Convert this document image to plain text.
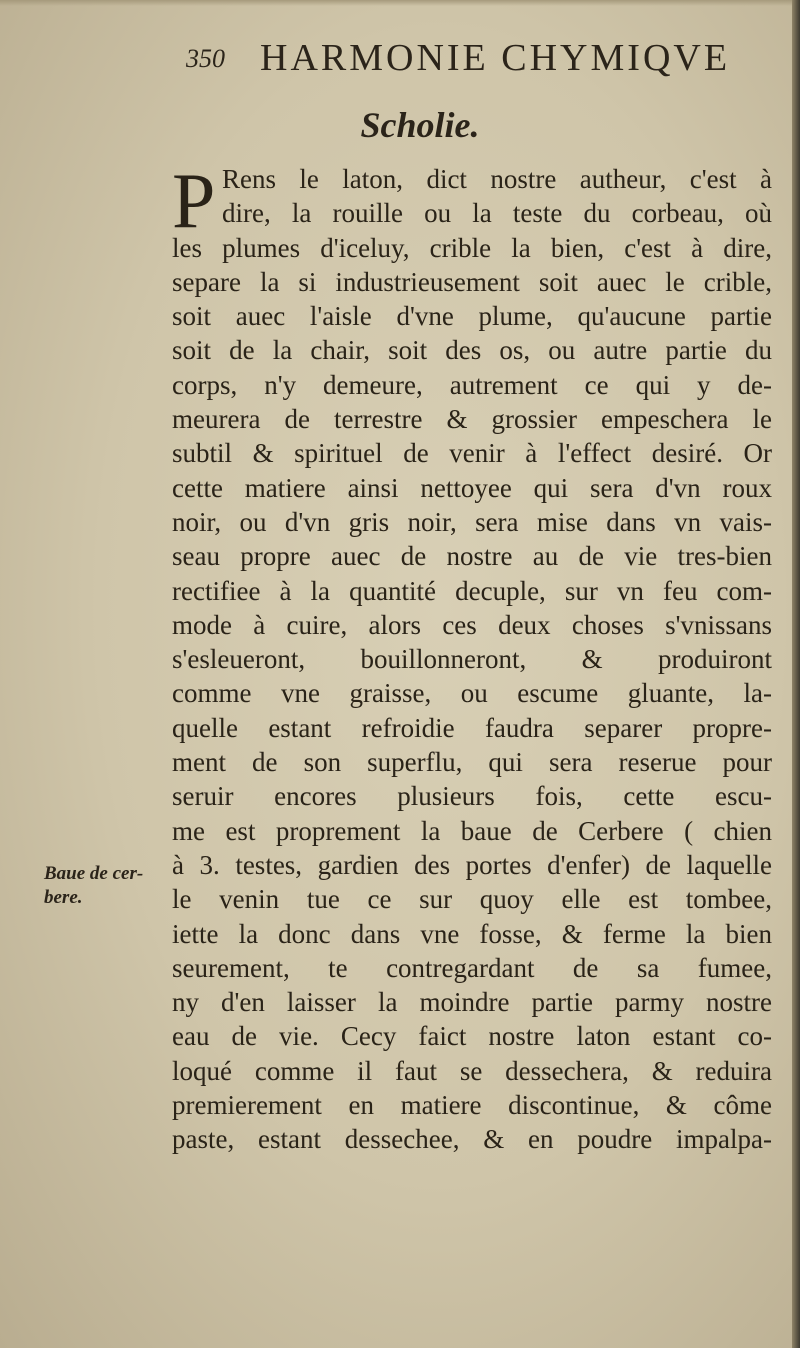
350 HARMONIE CHYMIQVE
Scholie.
Baue de cer-
bere.
P Rens le laton, dict nostre autheur, c'est à
dire, la rouille ou la teste du corbeau, où
les plumes d'iceluy, crible la bien, c'est à dire,
separe la si industrieusement soit auec le crible,
soit auec l'aisle d'vne plume, qu'aucune partie
soit de la chair, soit des os, ou autre partie du
corps, n'y demeure, autrement ce qui y de-
meurera de terrestre & grossier empeschera le
subtil & spirituel de venir à l'effect desiré. Or
cette matiere ainsi nettoyee qui sera d'vn roux
noir, ou d'vn gris noir, sera mise dans vn vais-
seau propre auec de nostre au de vie tres-bien
rectifiee à la quantité decuple, sur vn feu com-
mode à cuire, alors ces deux choses s'vnissans
s'esleueront, bouillonneront, & produiront
comme vne graisse, ou escume gluante, la-
quelle estant refroidie faudra separer propre-
ment de son superflu, qui sera reserue pour
seruir encores plusieurs fois, cette escu-
me est proprement la baue de Cerbere ( chien
à 3. testes, gardien des portes d'enfer) de laquelle
le venin tue ce sur quoy elle est tombee,
iette la donc dans vne fosse, & ferme la bien
seurement, te contregardant de sa fumee,
ny d'en laisser la moindre partie parmy nostre
eau de vie. Cecy faict nostre laton estant co-
loqué comme il faut se dessechera, & reduira
premierement en matiere discontinue, & côme
paste, estant dessechee, & en poudre impalpa-
